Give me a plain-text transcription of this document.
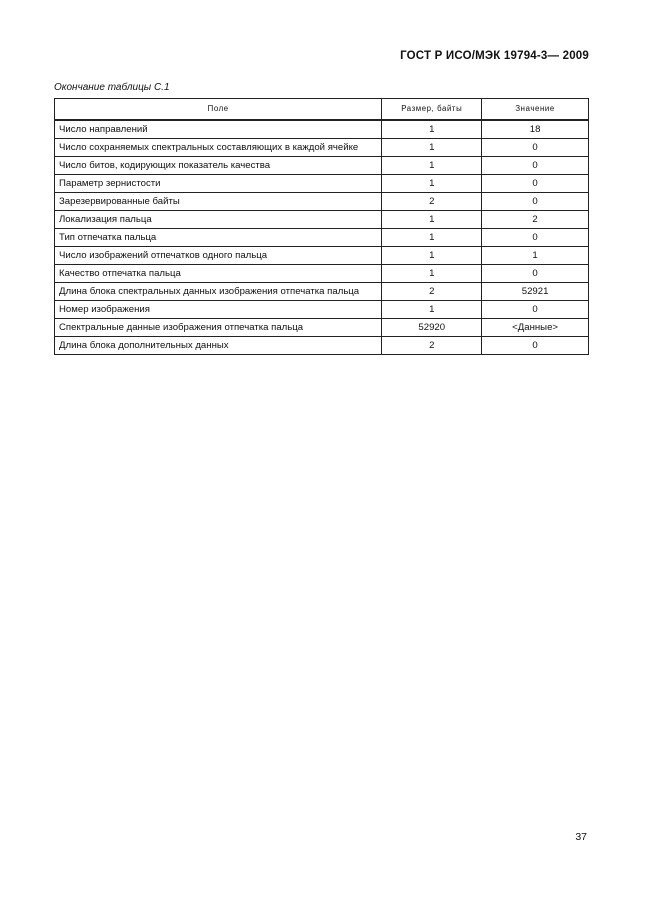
ГОСТ Р ИСО/МЭК 19794-3— 2009
Окончание таблицы С.1
Поле	Размер, байты	Значение
Число направлений	1	18
Число сохраняемых спектральных составляющих в каждой ячейке	1	0
Число битов, кодирующих показатель качества	1	0
Параметр зернистости	1	0
Зарезервированные байты	2	0
Локализация пальца	1	2
Тип отпечатка пальца	1	0
Число изображений отпечатков одного пальца	1	1
Качество отпечатка пальца	1	0
Длина блока спектральных данных изображения отпечатка пальца	2	52921
Номер изображения	1	0
Спектральные данные изображения отпечатка пальца	52920	<Данные>
Длина блока дополнительных данных	2	0
37
